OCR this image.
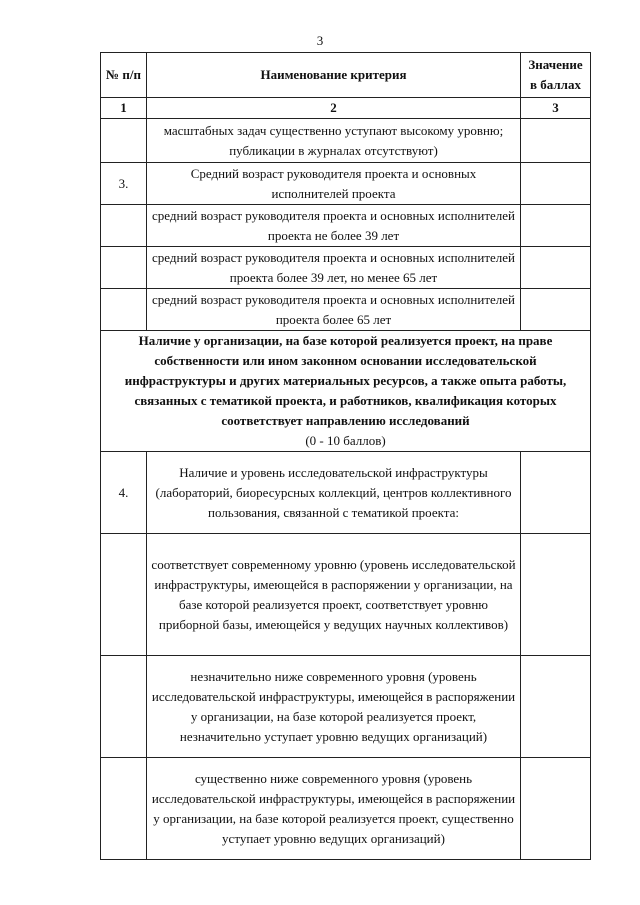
3
№ п/п	Наименование критерия	Значение в баллах
1	2	3
	масштабных задач существенно уступают высокому уровню; публикации в журналах отсутствуют)	
3.	Средний возраст руководителя проекта и основных исполнителей проекта	
	средний возраст руководителя проекта и основных исполнителей проекта не более 39 лет	
	средний возраст руководителя проекта и основных исполнителей проекта более 39 лет, но менее 65 лет	
	средний возраст руководителя проекта и основных исполнителей проекта более 65 лет	
Наличие у организации, на базе которой реализуется проект, на праве собственности или ином законном основании исследовательской инфраструктуры и других материальных ресурсов, а также опыта работы, связанных с тематикой проекта, и работников, квалификация которых соответствует направлению исследований
(0 - 10 баллов)		

4.	Наличие и уровень исследовательской инфраструктуры (лабораторий, биоресурсных коллекций, центров коллективного пользования, связанной с тематикой проекта:	
	соответствует современному уровню (уровень исследовательской инфраструктуры, имеющейся в распоряжении у организации, на базе которой реализуется проект, соответствует уровню приборной базы, имеющейся у ведущих научных коллективов)	
	незначительно ниже современного уровня (уровень исследовательской инфраструктуры, имеющейся в распоряжении у организации, на базе которой реализуется проект, незначительно уступает уровню ведущих организаций)	
	существенно ниже современного уровня (уровень исследовательской инфраструктуры, имеющейся в распоряжении у организации, на базе которой реализуется проект, существенно уступает уровню ведущих организаций)	
